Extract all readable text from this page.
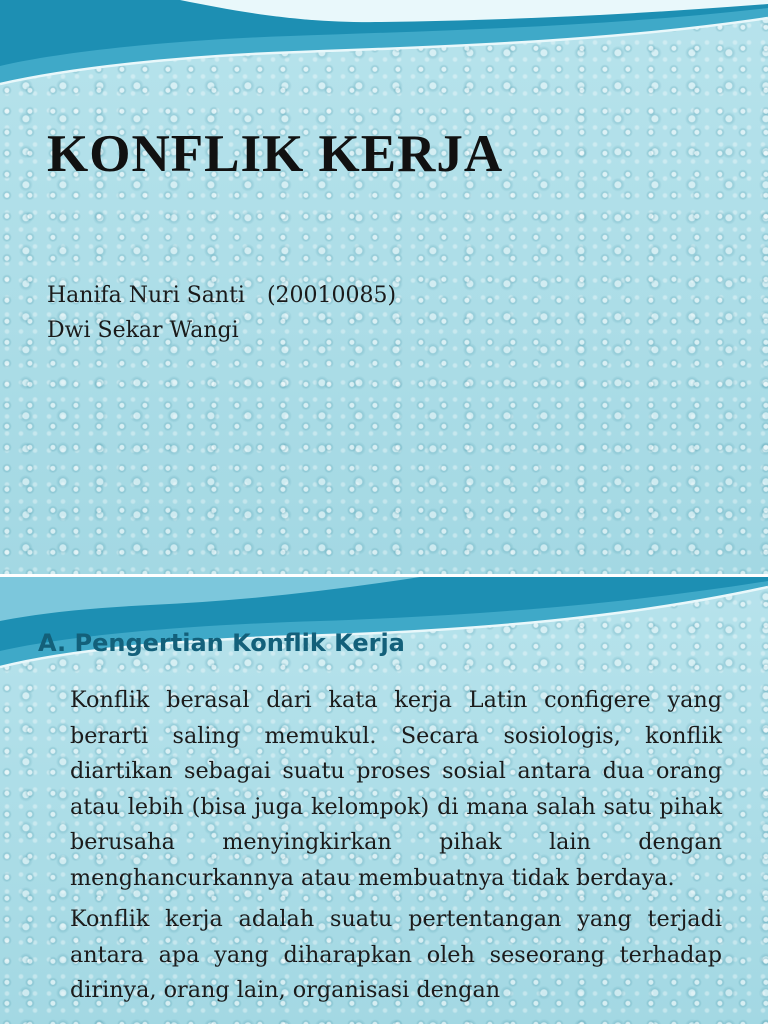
KONFLIK KERJA
Hanifa Nuri Santi (20010085)
Dwi Sekar Wangi
A. Pengertian Konflik Kerja

Konflik berasal dari kata kerja Latin configere yang berarti saling memukul. Secara sosiologis, konflik diartikan sebagai suatu proses sosial antara dua orang atau lebih (bisa juga kelompok) di mana salah satu pihak berusaha menyingkirkan pihak lain dengan menghancurkannya atau membuatnya tidak berdaya.

Konflik kerja adalah suatu pertentangan yang terjadi antara apa yang diharapkan oleh seseorang terhadap dirinya, orang lain, organisasi dengan
